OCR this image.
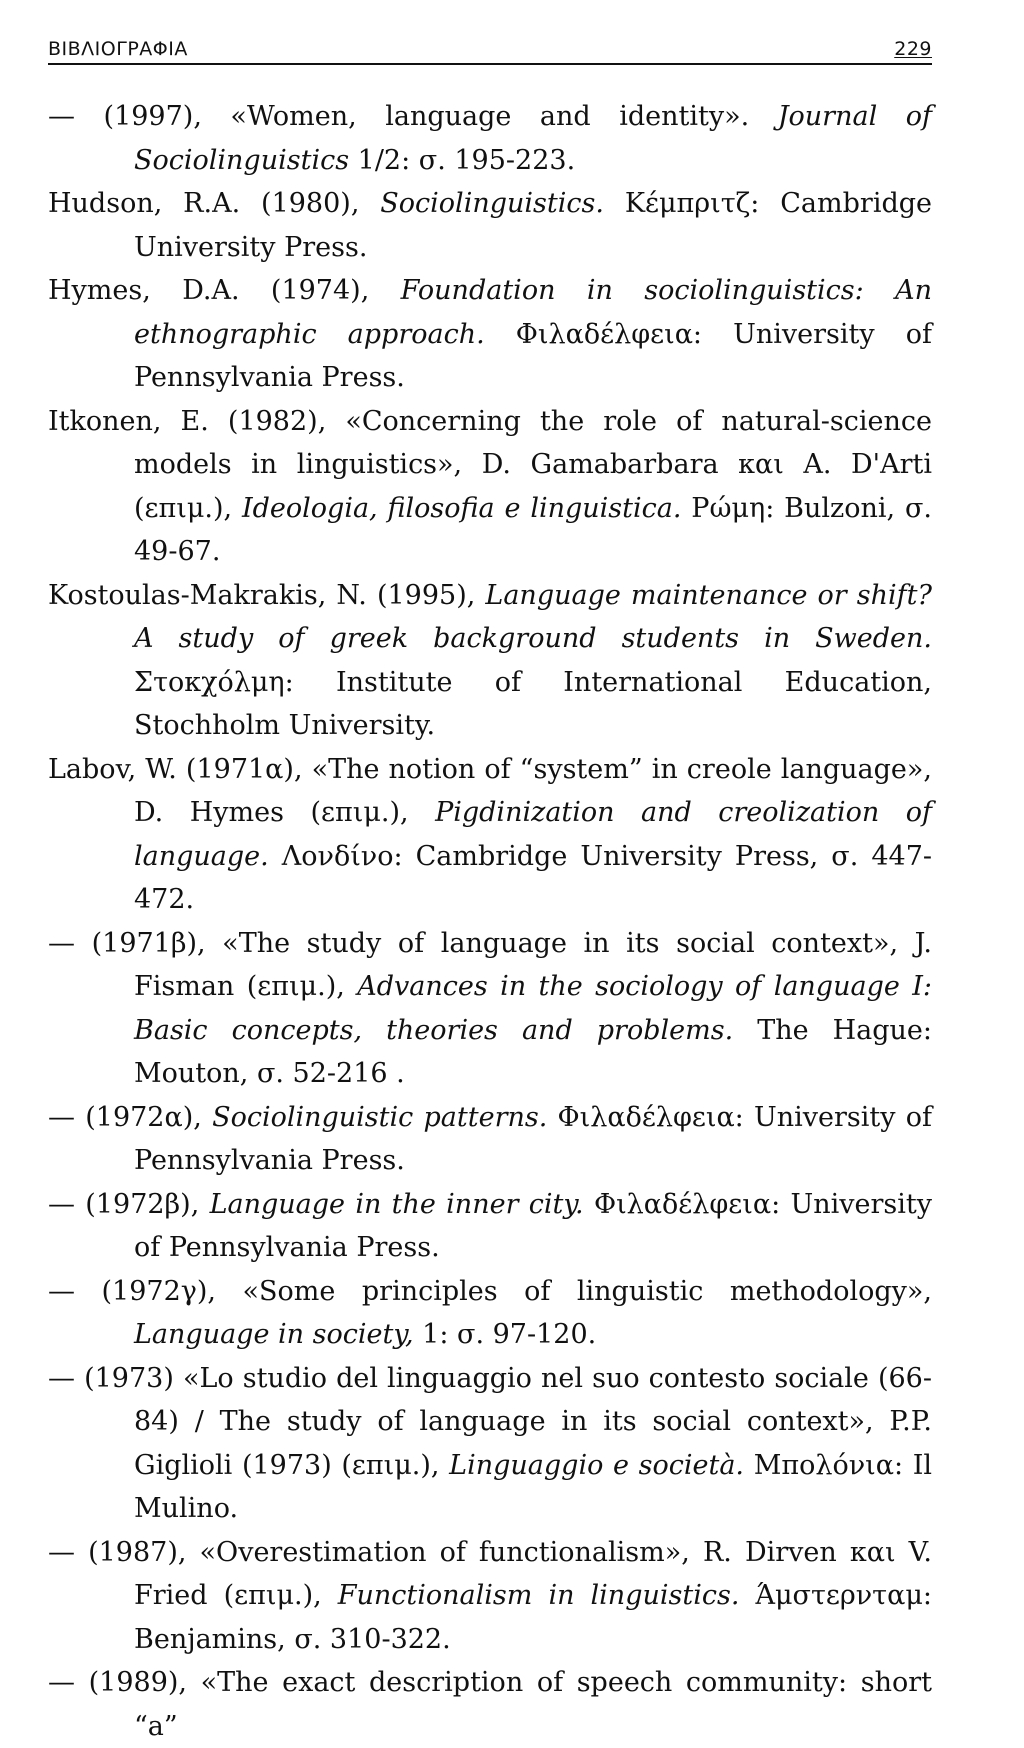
ΒΙΒΛΙΟΓΡΑΦΙΑ	229

— (1997), «Women, language and identity». Journal of Sociolinguistics 1/2: σ. 195-223.

Hudson, R.A. (1980), Sociolinguistics. Κέμπριτζ: Cambridge University Press.

Hymes, D.A. (1974), Foundation in sociolinguistics: An ethnographic approach. Φιλαδέλφεια: University of Pennsylvania Press.

Itkonen, E. (1982), «Concerning the role of natural-science models in linguistics», D. Gamabarbara και A. D'Arti (επιμ.), Ideologia, filosofia e linguistica. Ρώμη: Bulzoni, σ. 49-67.

Kostoulas-Makrakis, N. (1995), Language maintenance or shift? A study of greek background students in Sweden. Στοκχόλμη: Institute of International Education, Stochholm University.

Labov, W. (1971α), «The notion of “system” in creole language», D. Hymes (επιμ.), Pigdinization and creolization of language. Λονδίνο: Cambridge University Press, σ. 447-472.

— (1971β), «The study of language in its social context», J. Fisman (επιμ.), Advances in the sociology of language I: Basic concepts, theories and problems. The Hague: Mouton, σ. 52-216 .

— (1972α), Sociolinguistic patterns. Φιλαδέλφεια: University of Pennsylvania Press.

— (1972β), Language in the inner city. Φιλαδέλφεια: University of Pennsylvania Press.

— (1972γ), «Some principles of linguistic methodology», Language in society, 1: σ. 97-120.

— (1973) «Lo studio del linguaggio nel suo contesto sociale (66-84) / The study of language in its social context», P.P. Giglioli (1973) (επιμ.), Linguaggio e società. Μπολόνια: Il Mulino.

— (1987), «Overestimation of functionalism», R. Dirven και V. Fried (επιμ.), Functionalism in linguistics. Άμστερνταμ: Benjamins, σ. 310-322.

— (1989), «The exact description of speech community: short “a”
